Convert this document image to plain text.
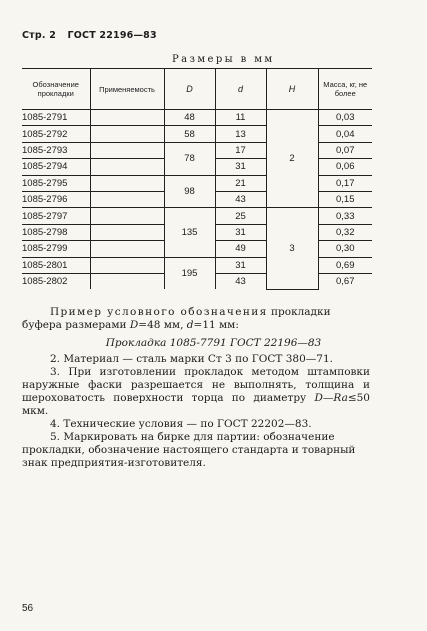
Стр. 2 ГОСТ 22196—83
Размеры в мм
Обозначение прокладки	Применяемость	D	d	H	Масса, кг, не более
1085-2791		48	11	2	0,03
1085-2792		58	13		0,04
1085-2793		78	17		0,07
1085-2794			31		0,06
1085-2795		98	21		0,17
1085-2796			43		0,15
1085-2797		135	25	3	0,33
1085-2798			31		0,32
1085-2799			49		0,30
1085-2801		195	31		0,69
1085-2802			43		0,67
Пример условного обозначения прокладки буфера размерами D=48 мм, d=11 мм:
Прокладка 1085-7791 ГОСТ 22196—83

2. Материал — сталь марки Ст 3 по ГОСТ 380—71.

3. При изготовлении прокладок методом штамповки наружные фаски разрешается не выполнять, толщина и шероховатость поверхности торца по диаметру D—Ra≤50 мкм.

4. Технические условия — по ГОСТ 22202—83.

5. Маркировать на бирке для партии: обозначение прокладки, обозначение настоящего стандарта и товарный знак предприятия-изготовителя.

56
